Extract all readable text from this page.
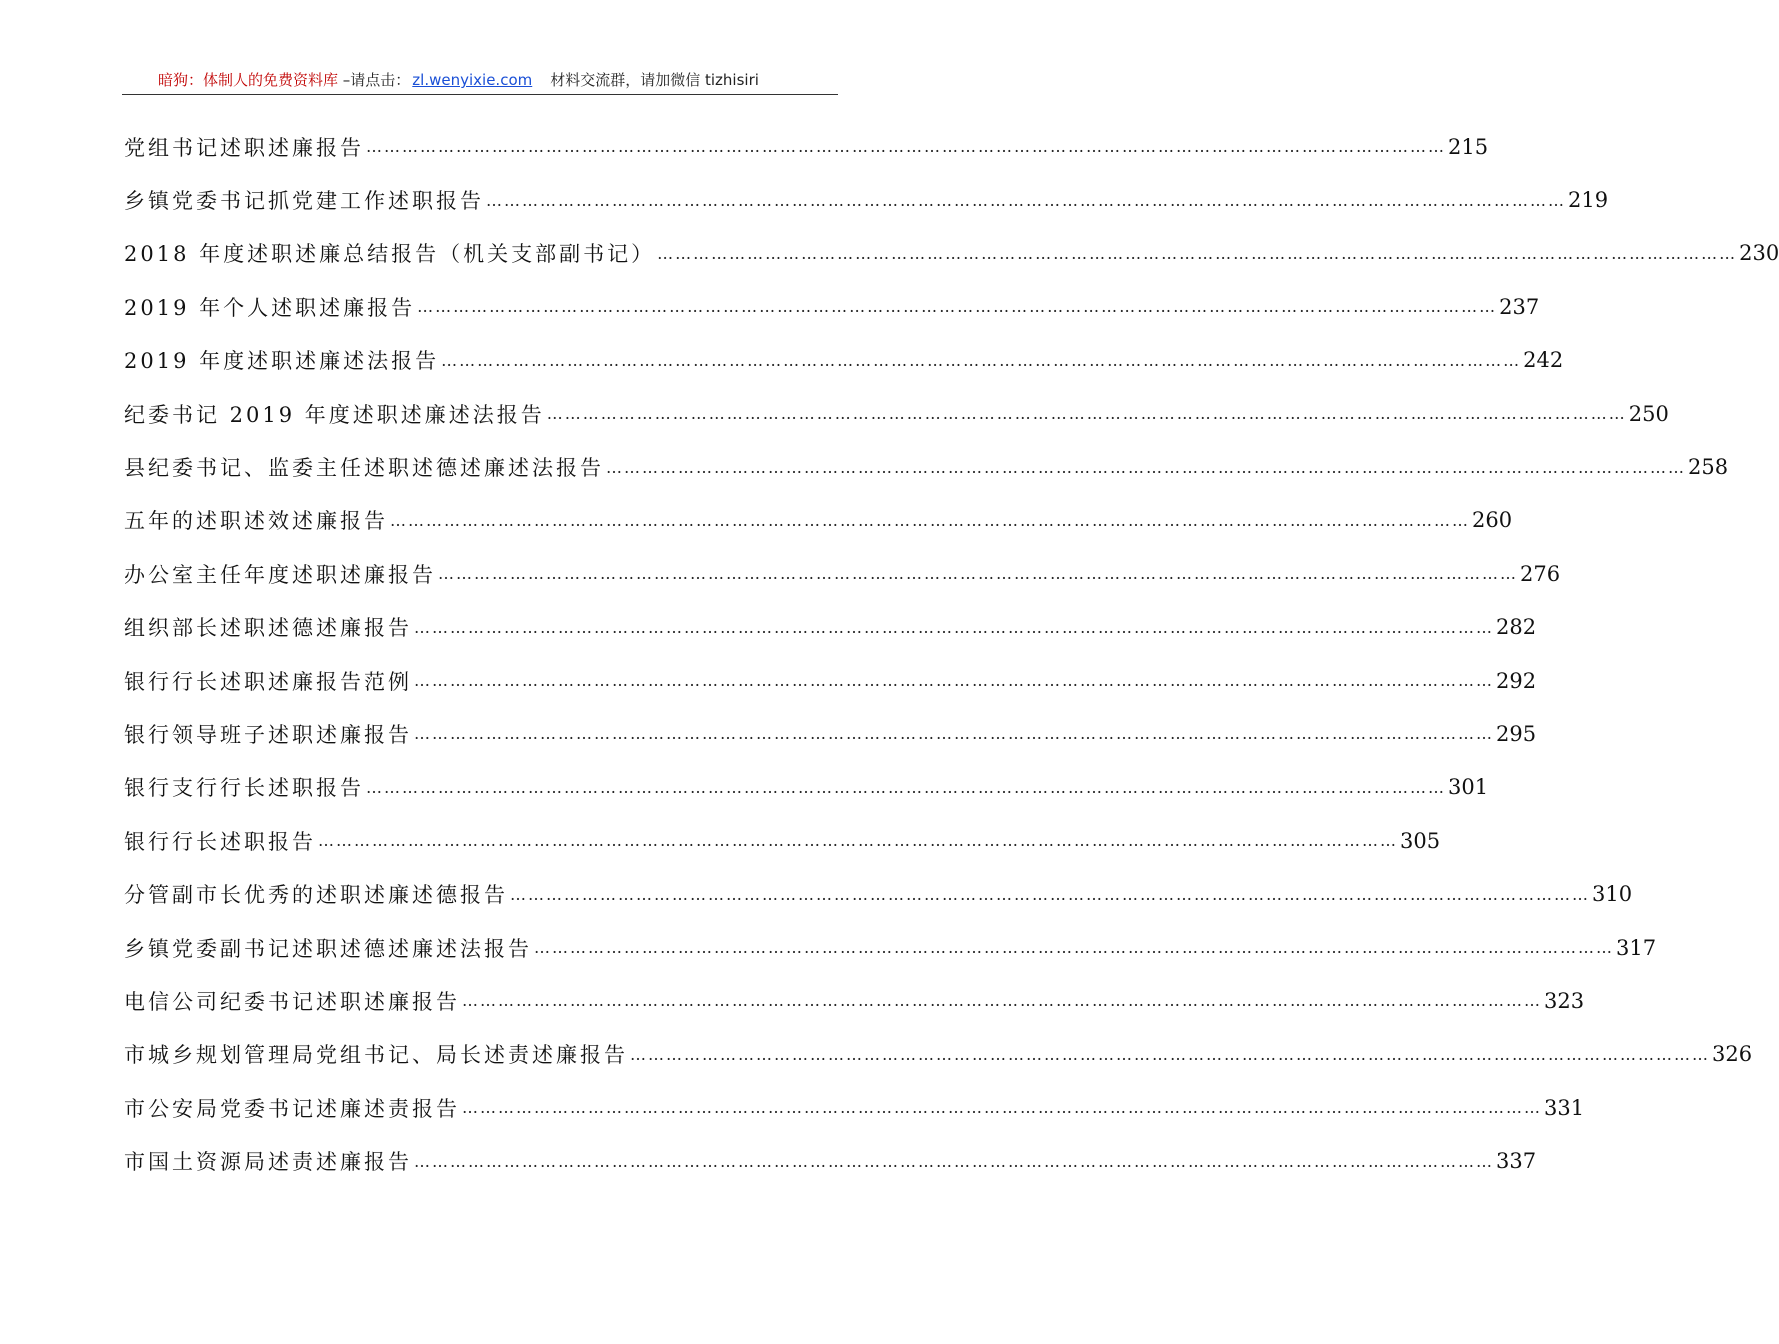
暗狗：体制人的免费资料库 –请点击： zl.wenyixie.com 材料交流群，请加微信 tizhisiri
党组书记述职述廉报告 ……………………………………………………………………………………………………………………………………………………………… 215
乡镇党委书记抓党建工作述职报告 ……………………………………………………………………………………………………………………………………………………………… 219
2018 年度述职述廉总结报告（机关支部副书记） ……………………………………………………………………………………………………………………………………………………………… 230
2019 年个人述职述廉报告 ……………………………………………………………………………………………………………………………………………………………… 237
2019 年度述职述廉述法报告 ……………………………………………………………………………………………………………………………………………………………… 242
纪委书记 2019 年度述职述廉述法报告 ……………………………………………………………………………………………………………………………………………………………… 250
县纪委书记、监委主任述职述德述廉述法报告 ……………………………………………………………………………………………………………………………………………………………… 258
五年的述职述效述廉报告 ……………………………………………………………………………………………………………………………………………………………… 260
办公室主任年度述职述廉报告 ……………………………………………………………………………………………………………………………………………………………… 276
组织部长述职述德述廉报告 ……………………………………………………………………………………………………………………………………………………………… 282
银行行长述职述廉报告范例 ……………………………………………………………………………………………………………………………………………………………… 292
银行领导班子述职述廉报告 ……………………………………………………………………………………………………………………………………………………………… 295
银行支行行长述职报告 ……………………………………………………………………………………………………………………………………………………………… 301
银行行长述职报告 ……………………………………………………………………………………………………………………………………………………………… 305
分管副市长优秀的述职述廉述德报告 ……………………………………………………………………………………………………………………………………………………………… 310
乡镇党委副书记述职述德述廉述法报告 ……………………………………………………………………………………………………………………………………………………………… 317
电信公司纪委书记述职述廉报告 ……………………………………………………………………………………………………………………………………………………………… 323
市城乡规划管理局党组书记、局长述责述廉报告 ……………………………………………………………………………………………………………………………………………………………… 326
市公安局党委书记述廉述责报告 ……………………………………………………………………………………………………………………………………………………………… 331
市国土资源局述责述廉报告 ……………………………………………………………………………………………………………………………………………………………… 337
